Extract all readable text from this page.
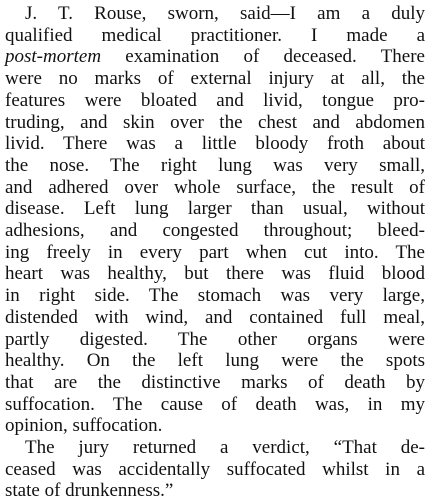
J. T. Rouse, sworn, said—I am a duly
qualified medical practitioner. I made a
post-mortem examination of deceased. There
were no marks of external injury at all, the
features were bloated and livid, tongue pro-
truding, and skin over the chest and abdomen
livid. There was a little bloody froth about
the nose. The right lung was very small,
and adhered over whole surface, the result of
disease. Left lung larger than usual, without
adhesions, and congested throughout; bleed-
ing freely in every part when cut into. The
heart was healthy, but there was fluid blood
in right side. The stomach was very large,
distended with wind, and contained full meal,
partly digested. The other organs were
healthy. On the left lung were the spots
that are the distinctive marks of death by
suffocation. The cause of death was, in my
opinion, suffocation.
The jury returned a verdict, “That de-
ceased was accidentally suffocated whilst in a
state of drunkenness.”
